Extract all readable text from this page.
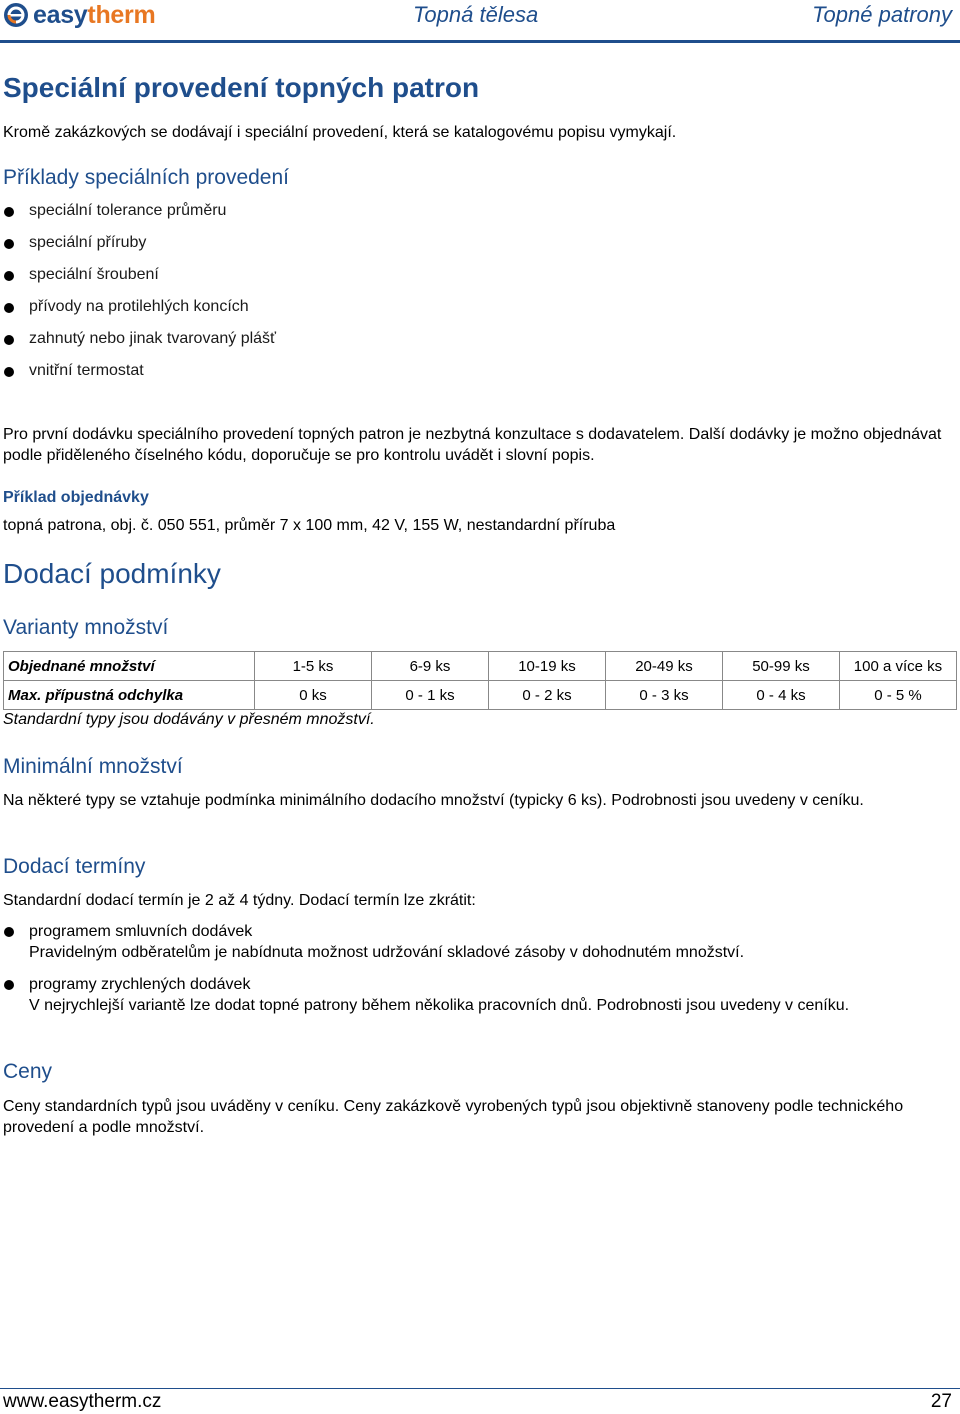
easytherm	Topná tělesa	Topné patrony
Speciální provedení topných patron
Kromě zakázkových se dodávají i speciální provedení, která se katalogovému popisu vymykají.
Příklady speciálních provedení
speciální tolerance průměru
speciální příruby
speciální šroubení
přívody na protilehlých koncích
zahnutý nebo jinak tvarovaný plášť
vnitřní termostat
Pro první dodávku speciálního provedení topných patron je nezbytná konzultace s dodavatelem. Další dodávky je možno objednávat podle přiděleného číselného kódu, doporučuje se pro kontrolu uvádět i slovní popis.
Příklad objednávky
topná patrona, obj. č. 050 551, průměr 7 x 100 mm, 42 V, 155 W, nestandardní příruba
Dodací podmínky
Varianty množství
Objednané množství	1-5 ks	6-9 ks	10-19 ks	20-49 ks	50-99 ks	100 a více ks
Max. přípustná odchylka	0 ks	0 - 1 ks	0 - 2 ks	0 - 3 ks	0 - 4 ks	0 - 5 %
Standardní typy jsou dodávány v přesném množství.
Minimální množství
Na některé typy se vztahuje podmínka minimálního dodacího množství (typicky 6 ks). Podrobnosti jsou uvedeny v ceníku.
Dodací termíny
Standardní dodací termín je 2 až 4 týdny. Dodací termín lze zkrátit:
programem smluvních dodávek
Pravidelným odběratelům je nabídnuta možnost udržování skladové zásoby v dohodnutém množství.
programy zrychlených dodávek
V nejrychlejší variantě lze dodat topné patrony během několika pracovních dnů. Podrobnosti jsou uvedeny v ceníku.
Ceny
Ceny standardních typů jsou uváděny v ceníku. Ceny zakázkově vyrobených typů jsou objektivně stanoveny podle technického provedení a podle množství.
www.easytherm.cz	27
